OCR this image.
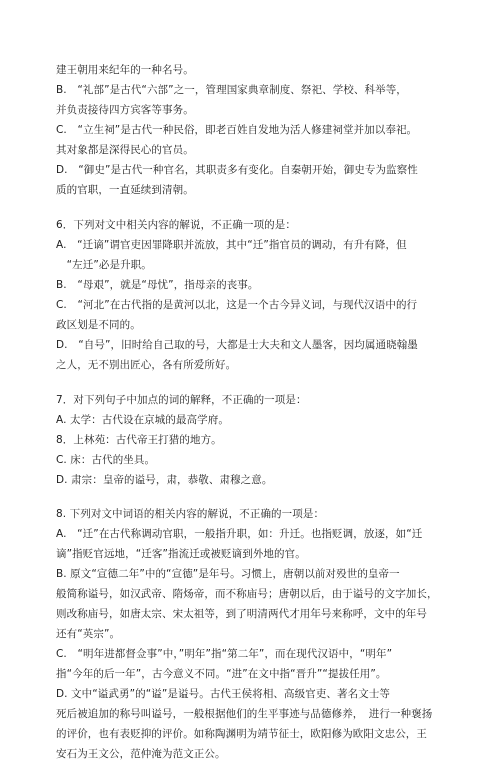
建王朝用来纪年的一种名号。

B.　“礼部”是古代“六部”之一，管理国家典章制度、祭祀、学校、科举等，

并负责接待四方宾客等事务。

C.　“立生祠”是古代一种民俗，即老百姓自发地为活人修建祠堂并加以奉祀。

其对象都是深得民心的官员。

D.　“御史”是古代一种官名，其职责多有变化。自秦朝开始，御史专为监察性

质的官职，一直延续到清朝。

6．下列对文中相关内容的解说，不正确一项的是：

A.　“迁谪”谓官吏因罪降职并流放，其中“迁”指官员的调动，有升有降，但

　“左迁”必是升职。

B.　“母艰”，就是“母忧”，指母亲的丧事。

C.　“河北”在古代指的是黄河以北，这是一个古今异义词，与现代汉语中的行

政区划是不同的。

D.　“自号”，旧时给自己取的号，大都是士大夫和文人墨客，因均属通晓翰墨

之人，无不别出匠心，各有所爱所好。

7．对下列句子中加点的词的解释，不正确的一项是：

A. 太学：古代设在京城的最高学府。

8．上林苑：古代帝王打猎的地方。

C. 床：古代的坐具。

D. 肃宗：皇帝的谥号，肃，恭敬、肃穆之意。

8. 下列对文中词语的相关内容的解说，不正确的一项是：

A.　“迁”在古代称调动官职，一般指升职，如：升迁。也指贬调，放逐，如“迁

谪”指贬官远地，“迁客”指流迁或被贬谪到外地的官。

B. 原文“宣德二年”中的“宣德”是年号。习惯上，唐朝以前对殁世的皇帝一

般简称谥号，如汉武帝、隋炀帝，而不称庙号；唐朝以后，由于谥号的文字加长，

则改称庙号，如唐太宗、宋太祖等，到了明清两代才用年号来称呼，文中的年号

还有“英宗”。

C.　“明年进都督佥事”中，”明年”指“第二年”，而在现代汉语中，“明年”

指“今年的后一年”，古今意义不同。“进”在文中指“晋升”“提拔任用”。

D. 文中“谥武勇”的“谥”是谥号。古代王侯将相、高级官吏、著名文士等

死后被追加的称号叫谥号，一般根据他们的生平事迹与品德修养，　进行一种褒扬

的评价，也有表贬抑的评价。如称陶渊明为靖节征士，欧阳修为欧阳文忠公，王

安石为王文公，范仲淹为范文正公。
